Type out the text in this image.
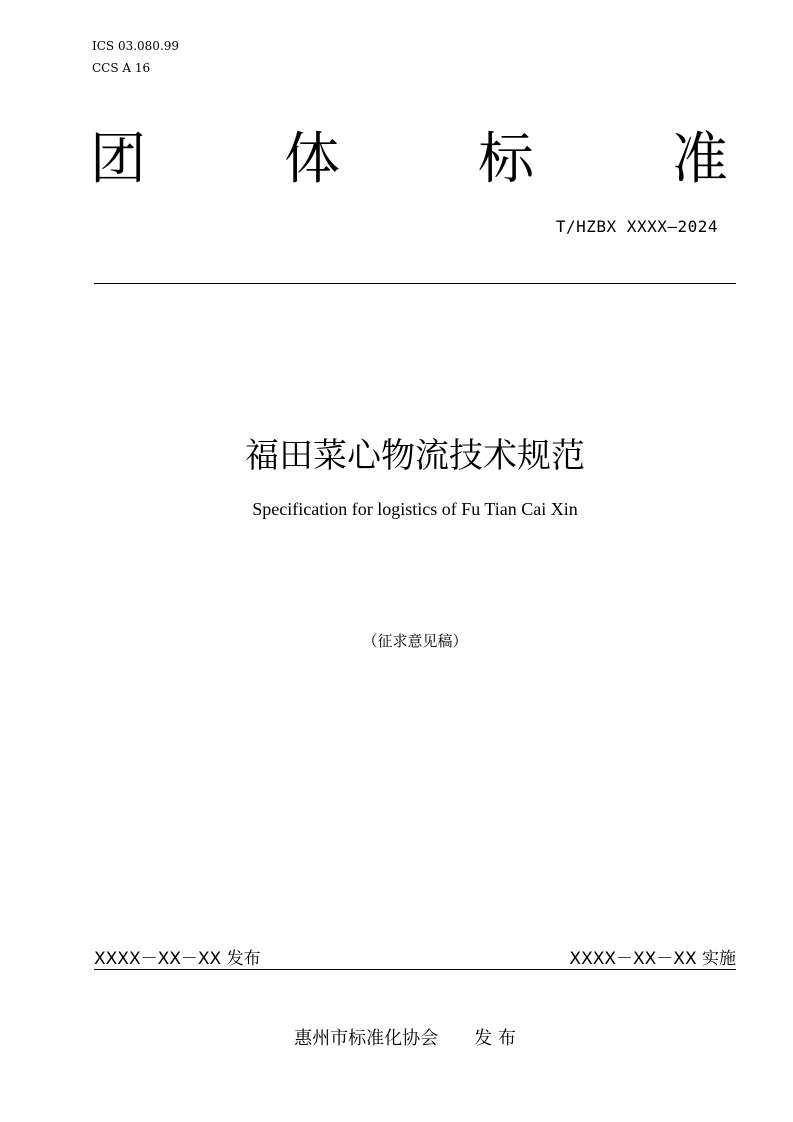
ICS 03.080.99
CCS A 16
团 体 标 准
T/HZBX XXXX—2024
福田菜心物流技术规范
Specification for logistics of Fu Tian Cai Xin
（征求意见稿）
XXXX－XX－XX 发布	XXXX－XX－XX 实施
惠州市标准化协会　　发 布
